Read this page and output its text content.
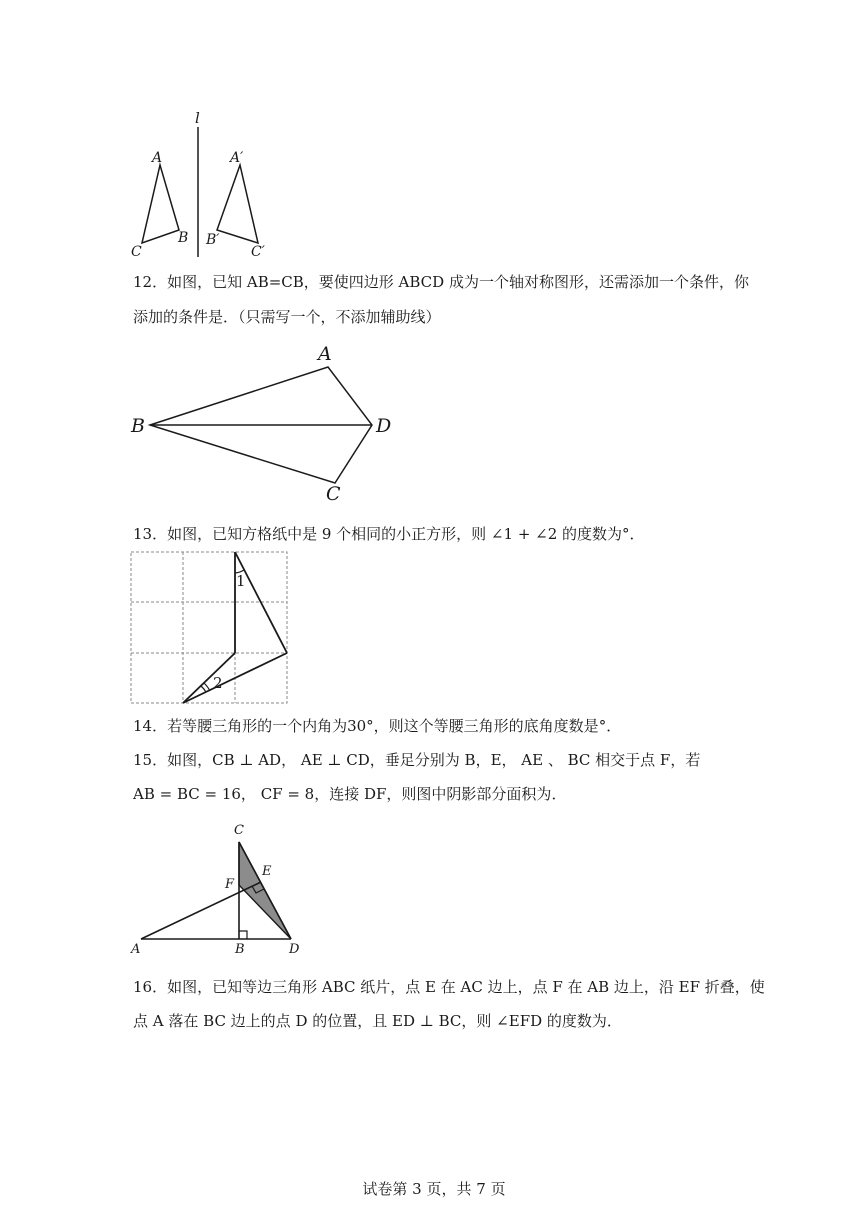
l
A
B
C
A′
B′
C′
12．如图，已知 AB=CB，要使四边形 ABCD 成为一个轴对称图形，还需添加一个条件，你
添加的条件是．（只需写一个，不添加辅助线）
A
B	D
C
13．如图，已知方格纸中是 9 个相同的小正方形，则 ∠1 + ∠2 的度数为°．
1
2
14．若等腰三角形的一个内角为30°，则这个等腰三角形的底角度数是°．
15．如图，CB ⊥ AD， AE ⊥ CD，垂足分别为 B，E， AE 、 BC 相交于点 F，若
AB = BC = 16， CF = 8，连接 DF，则图中阴影部分面积为．
C
E
F
A	B	D
16．如图，已知等边三角形 ABC 纸片，点 E 在 AC 边上，点 F 在 AB 边上，沿 EF 折叠，使
点 A 落在 BC 边上的点 D 的位置，且 ED ⊥ BC，则 ∠EFD 的度数为．
试卷第 3 页，共 7 页
